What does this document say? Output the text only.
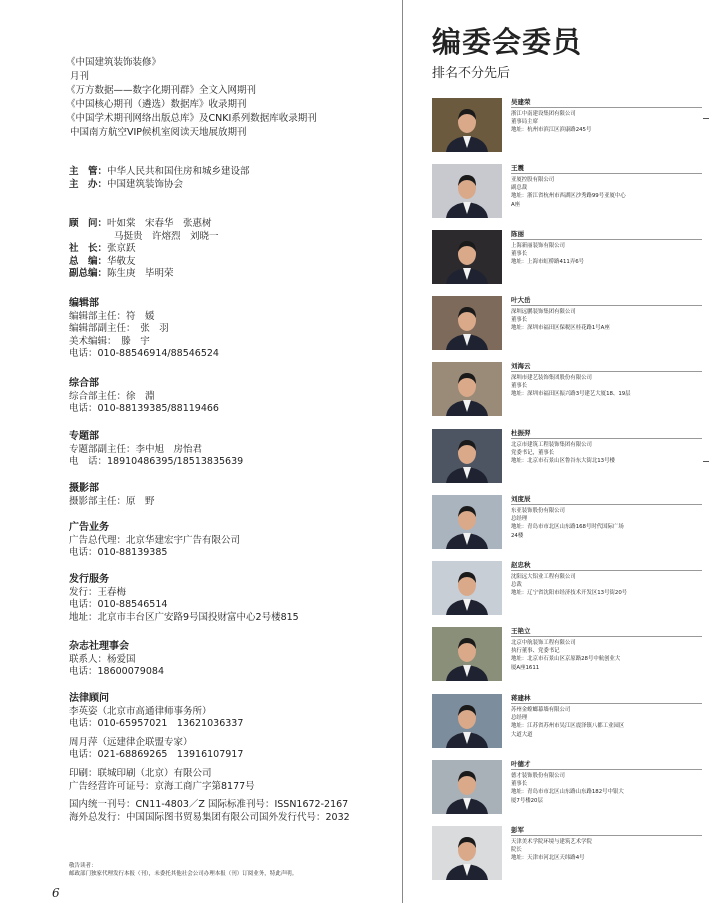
《中国建筑装饰装修》
月刊
《万方数据——数字化期刊群》全文入网期刊
《中国核心期刊（遴选）数据库》收录期刊
《中国学术期刊网络出版总库》及CNKI系列数据库收录期刊
中国南方航空VIP候机室阅读天地展放期刊
主　管：中华人民共和国住房和城乡建设部
主　办：中国建筑装饰协会
顾　问：叶如棠　宋春华　张惠树
马挺贵　许熔烈　刘晓一
社　长：张京跃
总　编：华敬友
副总编：陈生庚　毕明荣
编辑部
编辑部主任：符　媛
编辑部副主任：　张　羽
美术编辑：　滕　宇
电话：010-88546914/88546524
综合部
综合部主任：徐　淵
电话：010-88139385/88119466
专题部
专题部副主任：李中旭　房怡君
电　话：18910486395/18513835639
摄影部
摄影部主任：原　野
广告业务
广告总代理：北京华建宏宇广告有限公司
电话：010-88139385
发行服务
发行：王春梅
电话：010-88546514
地址：北京市丰台区广安路9号国投财富中心2号楼815
杂志社理事会
联系人：杨爱国
电话：18600079084
法律顾问
李英姿（北京市高通律师事务所）
电话：010-65957021　13621036337
周月萍（远建律企联盟专家）
电话：021-68869265　13916107917
印刷：联城印刷（北京）有限公司
广告经营许可证号：京海工商广字第8177号
国内统一刊号：CN11-4803／Z 国际标准刊号：ISSN1672-2167
海外总发行：中国国际图书贸易集团有限公司国外发行代号：2032
敬告读者：
邮政部门独家代理发行本报（刊），未委托其他社会公司办理本报（刊）订阅业务，特此声明。
6
编委会委员
排名不分先后
吴建荣
浙江中南建设集团有限公司
董事局主席
地址：杭州市滨江区滨康路245号
王震
亚厦控股有限公司
副总裁
地址：浙江省杭州市西湖区沙秀路99号亚厦中心
A座
陈丽
上海新丽装饰有限公司
董事长
地址：上海市虹桥路411弄6号
叶大岳
深圳远鹏装饰集团有限公司
董事长
地址：深圳市福田区保税区桂花路1号A座
刘海云
深圳市建艺装饰集团股份有限公司
董事长
地址：深圳市福田区振兴路3号建艺大厦18、19层
杜振羿
北京市建筑工程装饰集团有限公司
党委书记，董事长
地址：北京市石景山区鲁谷东大街北13号楼
刘度辰
东亚装饰股份有限公司
总经理
地址：青岛市市北区山东路168号时代国际广场
24楼
赵忠秋
沈阳远大铝业工程有限公司
总裁
地址：辽宁省沈阳市经济技术开发区13号街20号
王艳立
北京中航装饰工程有限公司
执行董事、党委书记
地址：北京市石景山区京原路28号中航创业大
厦A座1611
蒋建林
苏州金螳螂幕墙有限公司
总经理
地址：江苏省苏州市吴江区震泽镇八都工业园区
大道大道
叶德才
德才装饰股份有限公司
董事长
地址：青岛市市北区山东路山东路182号中银大
厦7号楼20层
彭军
天津美术学院环境与建筑艺术学院
院长
地址：天津市河北区天纬路4号
